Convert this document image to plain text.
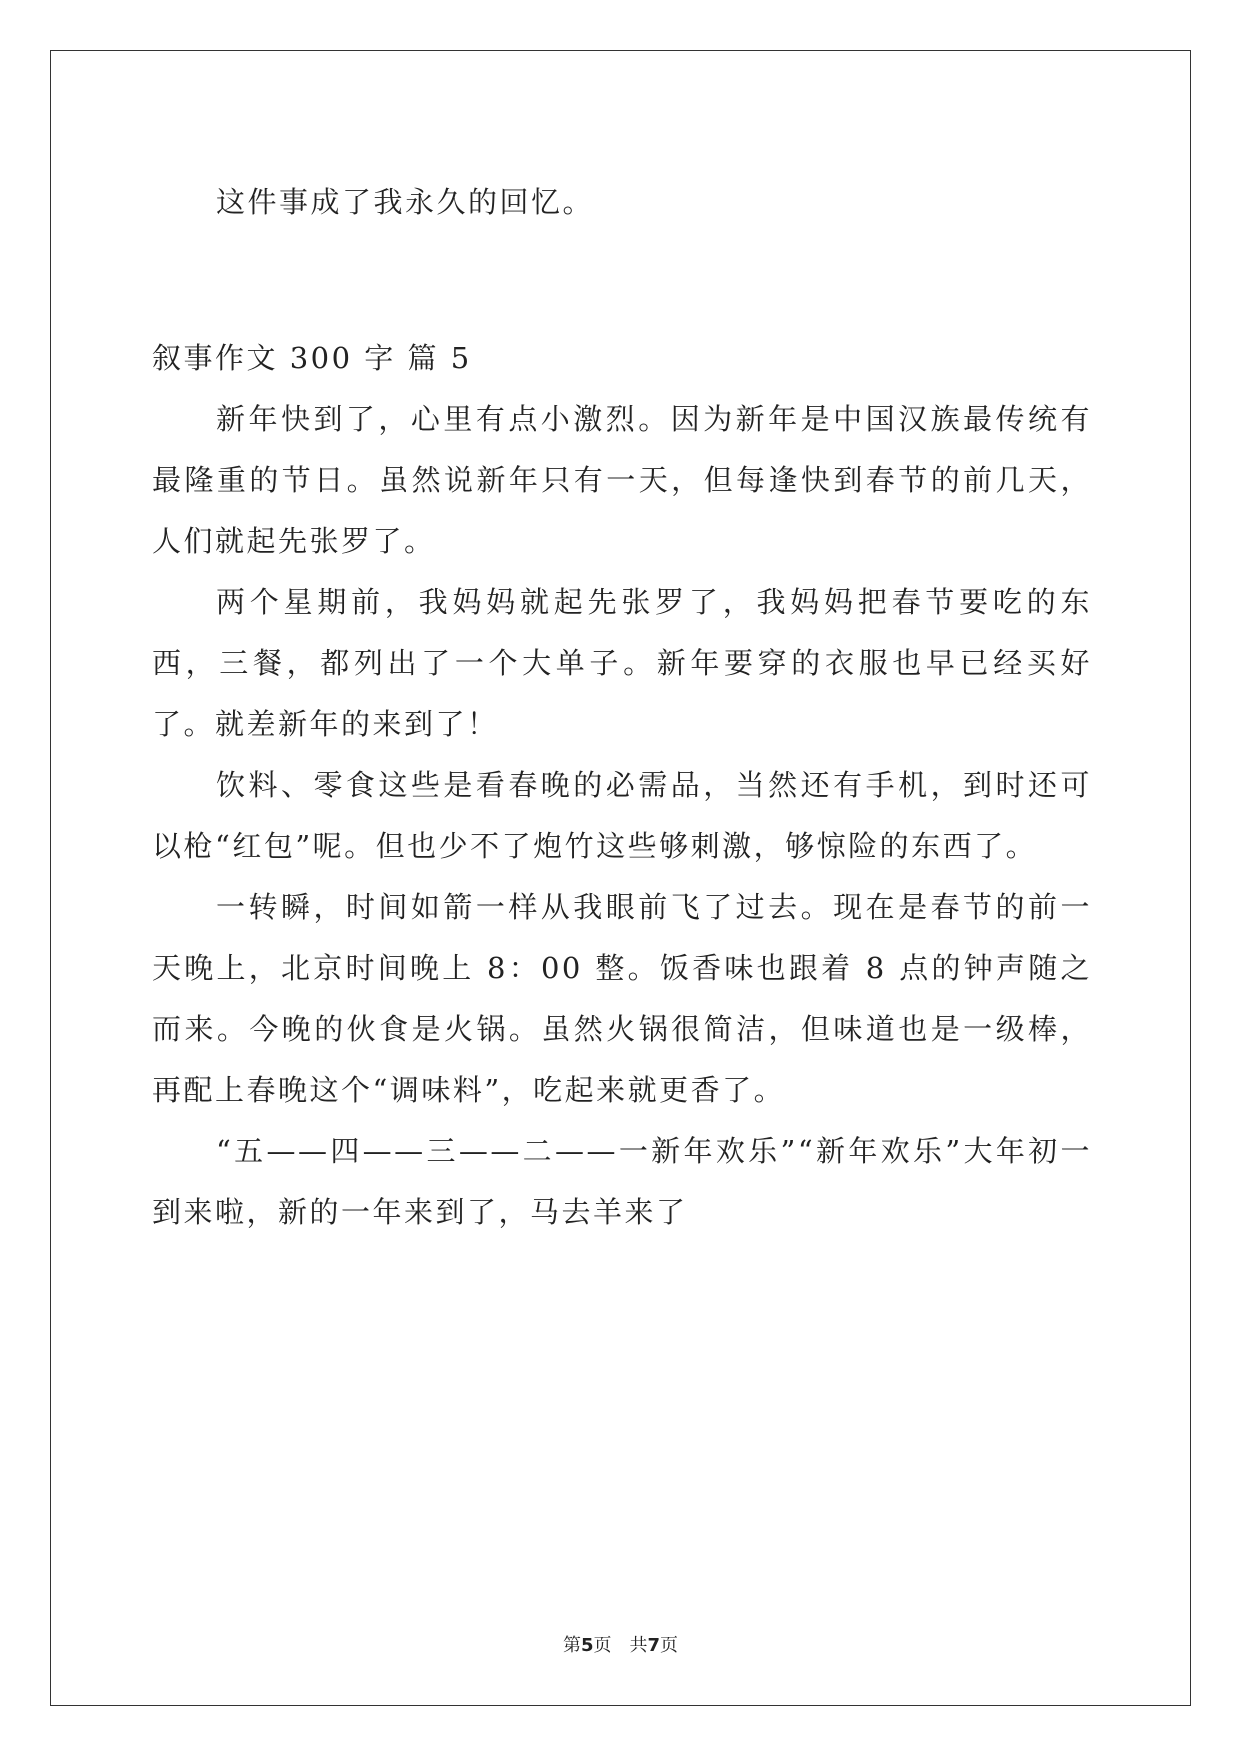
这件事成了我永久的回忆。

叙事作文 300 字 篇 5

新年快到了，心里有点小激烈。因为新年是中国汉族最传统有最隆重的节日。虽然说新年只有一天，但每逢快到春节的前几天，人们就起先张罗了。

两个星期前，我妈妈就起先张罗了，我妈妈把春节要吃的东西，三餐，都列出了一个大单子。新年要穿的衣服也早已经买好了。就差新年的来到了！

饮料、零食这些是看春晚的必需品，当然还有手机，到时还可以枪“红包”呢。但也少不了炮竹这些够刺激，够惊险的东西了。

一转瞬，时间如箭一样从我眼前飞了过去。现在是春节的前一天晚上，北京时间晚上 8：00 整。饭香味也跟着 8 点的钟声随之而来。今晚的伙食是火锅。虽然火锅很简洁，但味道也是一级棒，再配上春晚这个“调味料”，吃起来就更香了。

“五——四——三——二——一新年欢乐”“新年欢乐”大年初一到来啦，新的一年来到了，马去羊来了

第5页 共7页
